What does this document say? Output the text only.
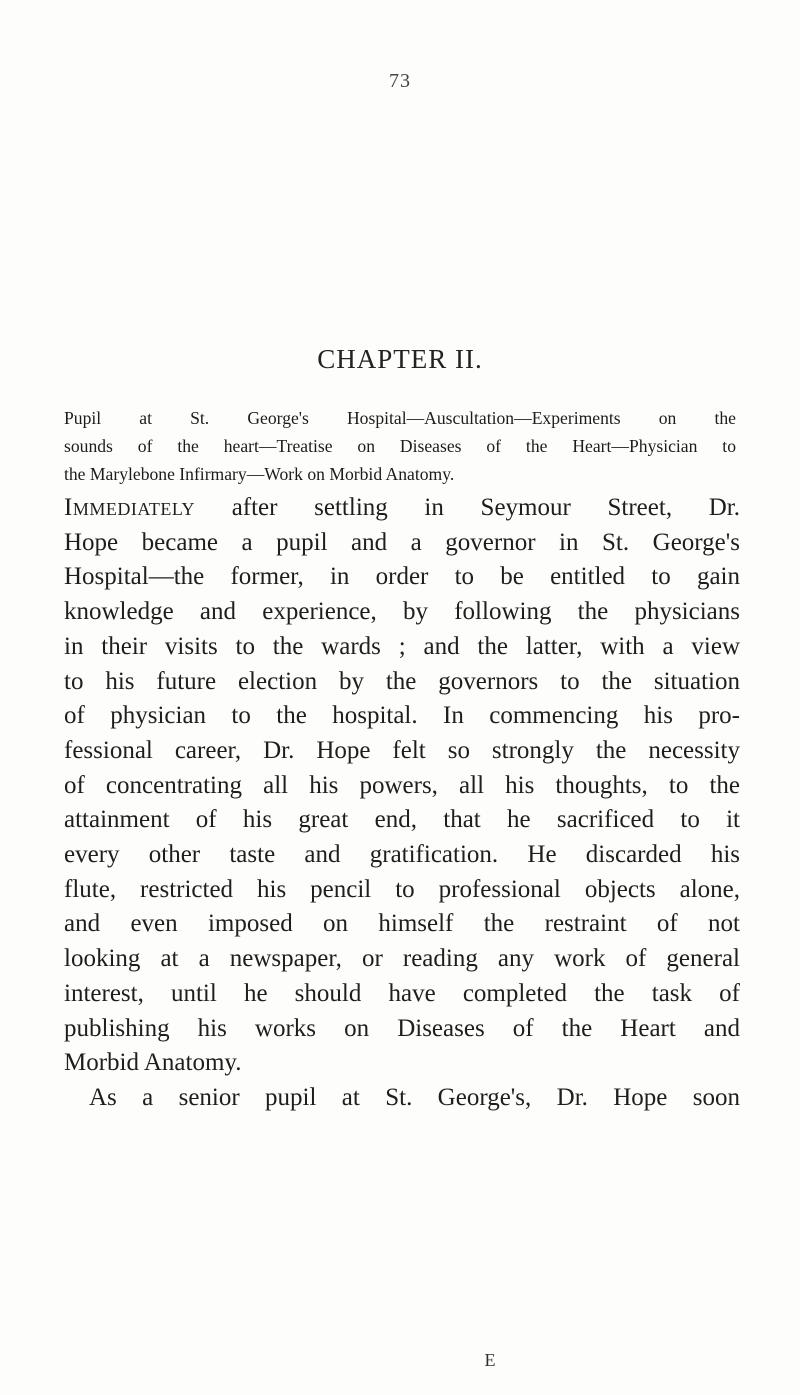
73
CHAPTER II.
Pupil at St. George's Hospital—Auscultation—Experiments on the
sounds of the heart—Treatise on Diseases of the Heart—Physician to
the Marylebone Infirmary—Work on Morbid Anatomy.
Immediately after settling in Seymour Street, Dr.
Hope became a pupil and a governor in St. George's
Hospital—the former, in order to be entitled to gain
knowledge and experience, by following the physicians
in their visits to the wards ; and the latter, with a view
to his future election by the governors to the situation
of physician to the hospital. In commencing his pro-
fessional career, Dr. Hope felt so strongly the necessity
of concentrating all his powers, all his thoughts, to the
attainment of his great end, that he sacrificed to it
every other taste and gratification. He discarded his
flute, restricted his pencil to professional objects alone,
and even imposed on himself the restraint of not
looking at a newspaper, or reading any work of general
interest, until he should have completed the task of
publishing his works on Diseases of the Heart and
Morbid Anatomy.
As a senior pupil at St. George's, Dr. Hope soon
E
